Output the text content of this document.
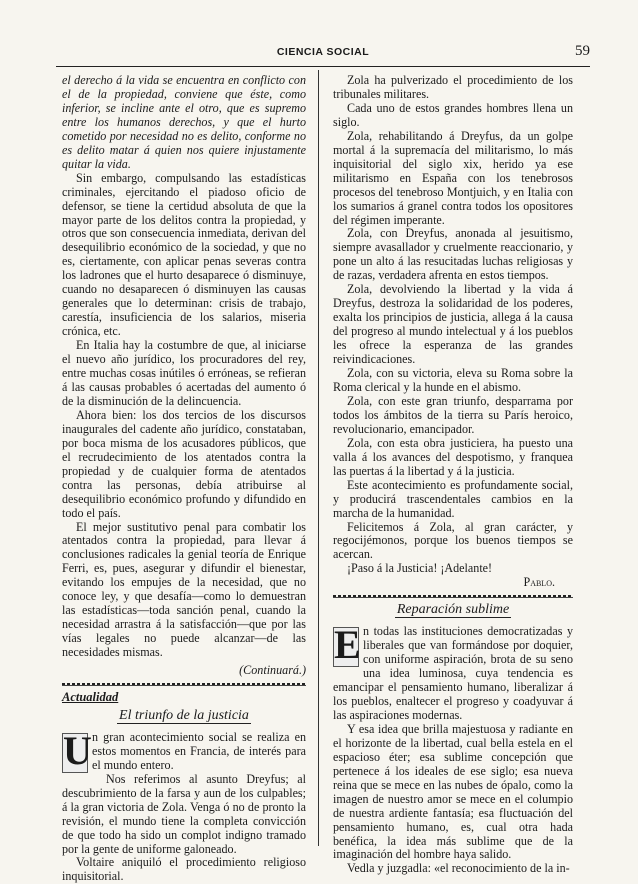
CIENCIA SOCIAL	59

el derecho á la vida se encuentra en conflicto con el de la propiedad, conviene que éste, como inferior, se incline ante el otro, que es supremo entre los humanos derechos, y que el hurto cometido por necesidad no es delito, conforme no es delito matar á quien nos quiere injustamente quitar la vida.

Sin embargo, compulsando las estadísticas criminales, ejercitando el piadoso oficio de defensor, se tiene la certidud absoluta de que la mayor parte de los delitos contra la propiedad, y otros que son consecuencia inmediata, derivan del desequilibrio económico de la sociedad, y que no es, ciertamente, con aplicar penas severas contra los ladrones que el hurto desaparece ó disminuye, cuando no desaparecen ó disminuyen las causas generales que lo determinan: crisis de trabajo, carestía, insuficiencia de los salarios, miseria crónica, etc.

En Italia hay la costumbre de que, al iniciarse el nuevo año jurídico, los procuradores del rey, entre muchas cosas inútiles ó erróneas, se refieran á las causas probables ó acertadas del aumento ó de la disminución de la delincuencia.

Ahora bien: los dos tercios de los discursos inaugurales del cadente año jurídico, constataban, por boca misma de los acusadores públicos, que el recrudecimiento de los atentados contra la propiedad y de cualquier forma de atentados contra las personas, debía atribuirse al desequilibrio económico profundo y difundido en todo el país.

El mejor sustitutivo penal para combatir los atentados contra la propiedad, para llevar á conclusiones radicales la genial teoría de Enrique Ferri, es, pues, asegurar y difundir el bienestar, evitando los empujes de la necesidad, que no conoce ley, y que desafía—como lo demuestran las estadísticas—toda sanción penal, cuando la necesidad arrastra á la satisfacción—que por las vías legales no puede alcanzar—de las necesidades mismas.

(Continuará.)
Actualidad
El triunfo de la justicia
U n gran acontecimiento social se realiza en estos momentos en Francia, de interés para el mundo entero.

Nos referimos al asunto Dreyfus; al descubrimiento de la farsa y aun de los culpables; á la gran victoria de Zola. Venga ó no de pronto la revisión, el mundo tiene la completa convicción de que todo ha sido un complot indigno tramado por la gente de uniforme galoneado.

Voltaire aniquiló el procedimiento religioso inquisitorial.

Zola ha pulverizado el procedimiento de los tribunales militares.

Cada uno de estos grandes hombres llena un siglo.

Zola, rehabilitando á Dreyfus, da un golpe mortal á la supremacía del militarismo, lo más inquisitorial del siglo xix, herido ya ese militarismo en España con los tenebrosos procesos del tenebroso Montjuich, y en Italia con los sumarios á granel contra todos los opositores del régimen imperante.

Zola, con Dreyfus, anonada al jesuitismo, siempre avasallador y cruelmente reaccionario, y pone un alto á las resucitadas luchas religiosas y de razas, verdadera afrenta en estos tiempos.

Zola, devolviendo la libertad y la vida á Dreyfus, destroza la solidaridad de los poderes, exalta los principios de justicia, allega á la causa del progreso al mundo intelectual y á los pueblos les ofrece la esperanza de las grandes reivindicaciones.

Zola, con su victoria, eleva su Roma sobre la Roma clerical y la hunde en el abismo.

Zola, con este gran triunfo, desparrama por todos los ámbitos de la tierra su París heroico, revolucionario, emancipador.

Zola, con esta obra justiciera, ha puesto una valla á los avances del despotismo, y franquea las puertas á la libertad y á la justicia.

Este acontecimiento es profundamente social, y producirá trascendentales cambios en la marcha de la humanidad.

Felicitemos á Zola, al gran carácter, y regocijémonos, porque los buenos tiempos se acercan.

¡Paso á la Justicia! ¡Adelante!

Pablo.
Reparación sublime
E n todas las instituciones democratizadas y liberales que van formándose por doquier, con uniforme aspiración, brota de su seno una idea luminosa, cuya tendencia es emancipar el pensamiento humano, liberalizar á los pueblos, enaltecer el progreso y coadyuvar á las aspiraciones modernas.

Y esa idea que brilla majestuosa y radiante en el horizonte de la libertad, cual bella estela en el espacioso éter; esa sublime concepción que pertenece á los ideales de ese siglo; esa nueva reina que se mece en las nubes de ópalo, como la imagen de nuestro amor se mece en el columpio de nuestra ardiente fantasía; esa fluctuación del pensamiento humano, es, cual otra hada benéfica, la idea más sublime que de la imaginación del hombre haya salido.

Vedla y juzgadla: «el reconocimiento de la in-
